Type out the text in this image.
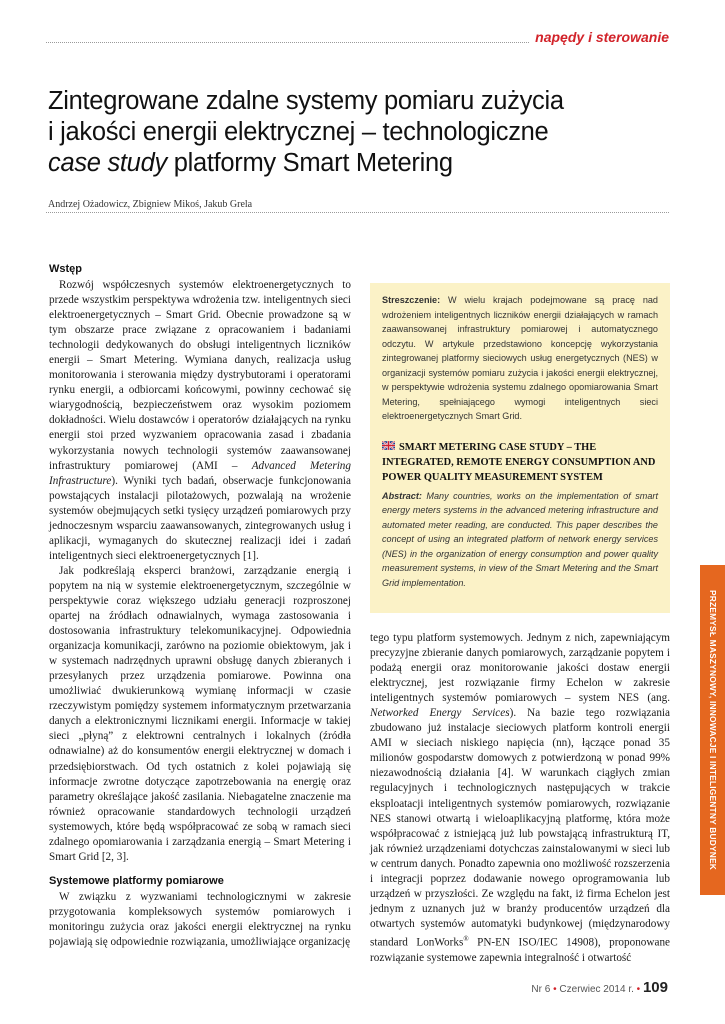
napędy i sterowanie
Zintegrowane zdalne systemy pomiaru zużycia
i jakości energii elektrycznej – technologiczne
case study platformy Smart Metering
Andrzej Ożadowicz, Zbigniew Mikoś, Jakub Grela
Wstęp

Rozwój współczesnych systemów elektroenergetycznych to przede wszystkim perspektywa wdrożenia tzw. inteligentnych sieci elektroenergetycznych – Smart Grid. Obecnie prowadzone są w tym obszarze prace związane z opracowaniem i badaniami technologii dedykowanych do obsługi inteligentnych liczników energii – Smart Metering. Wymiana danych, realizacja usług monitorowania i sterowania między dystrybutorami i operatorami rynku energii, a odbiorcami końcowymi, powinny cechować się wiarygodnością, bezpieczeństwem oraz wysokim poziomem dokładności. Wielu dostawców i operatorów działających na rynku energii stoi przed wyzwaniem opracowania zasad i zbadania wykorzystania nowych technologii systemów zaawansowanej infrastruktury pomiarowej (AMI – Advanced Metering Infrastructure). Wyniki tych badań, obserwacje funkcjonowania powstających instalacji pilotażowych, pozwalają na wrożenie systemów obejmujących setki tysięcy urządzeń pomiarowych przy jednoczesnym wsparciu zaawansowanych, zintegrowanych usług i aplikacji, wymaganych do skutecznej realizacji idei i zadań inteligentnych sieci elektroenergetycznych [1].

Jak podkreślają eksperci branżowi, zarządzanie energią i popytem na nią w systemie elektroenergetycznym, szczególnie w perspektywie coraz większego udziału generacji rozproszonej opartej na źródłach odnawialnych, wymaga zastosowania i dostosowania infrastruktury telekomunikacyjnej. Odpowiednia organizacja komunikacji, zarówno na poziomie obiektowym, jak i w systemach nadrzędnych uprawni obsługę danych zbieranych i przesyłanych przez urządzenia pomiarowe. Powinna ona umożliwiać dwukierunkową wymianę informacji w czasie rzeczywistym pomiędzy systemem informatycznym przetwarzania danych a elektronicznymi licznikami energii. Informacje w takiej sieci „płyną” z elektrowni centralnych i lokalnych (źródła odnawialne) aż do konsumentów energii elektrycznej w domach i przedsiębiorstwach. Od tych ostatnich z kolei pojawiają się informacje zwrotne dotyczące zapotrzebowania na energię oraz parametry określające jakość zasilania. Niebagatelne znaczenie ma również opracowanie standardowych technologii urządzeń systemowych, które będą współpracować ze sobą w ramach sieci zdalnego opomiarowania i zarządzania energią – Smart Metering i Smart Grid [2, 3].

Systemowe platformy pomiarowe

W związku z wyzwaniami technologicznymi w zakresie przygotowania kompleksowych systemów pomiarowych i monitoringu zużycia oraz jakości energii elektrycznej na rynku pojawiają się odpowiednie rozwiązania, umożliwiające organizację

Streszczenie: W wielu krajach podejmowane są pracę nad wdrożeniem inteligentnych liczników energii działających w ramach zaawansowanej infrastruktury pomiarowej i automatycznego odczytu. W artykule przedstawiono koncepcję wykorzystania zintegrowanej platformy sieciowych usług energetycznych (NES) w organizacji systemów pomiaru zużycia i jakości energii elektrycznej, w perspektywie wdrożenia systemu zdalnego opomiarowania Smart Metering, spełniającego wymogi inteligentnych sieci elektroenergetycznych Smart Grid.

SMART METERING CASE STUDY – THE INTEGRATED, REMOTE ENERGY CONSUMPTION AND POWER QUALITY MEASUREMENT SYSTEM

Abstract: Many countries, works on the implementation of smart energy meters systems in the advanced metering infrastructure and automated meter reading, are conducted. This paper describes the concept of using an integrated platform of network energy services (NES) in the organization of energy consumption and power quality measurement systems, in view of the Smart Metering and the Smart Grid implementation.

tego typu platform systemowych. Jednym z nich, zapewniającym precyzyjne zbieranie danych pomiarowych, zarządzanie popytem i podażą energii oraz monitorowanie jakości dostaw energii elektrycznej, jest rozwiązanie firmy Echelon w zakresie inteligentnych systemów pomiarowych – system NES (ang. Networked Energy Services). Na bazie tego rozwiązania zbudowano już instalacje sieciowych platform kontroli energii AMI w sieciach niskiego napięcia (nn), łączące ponad 35 milionów gospodarstw domowych z potwierdzoną w ponad 99% niezawodnością działania [4]. W warunkach ciągłych zmian regulacyjnych i technologicznych następujących w trakcie eksploatacji inteligentnych systemów pomiarowych, rozwiązanie NES stanowi otwartą i wieloaplikacyjną platformę, która może współpracować z istniejącą już lub powstającą infrastrukturą IT, jak również urządzeniami dotychczas zainstalowanymi w sieci lub w centrum danych. Ponadto zapewnia ono możliwość rozszerzenia i integracji poprzez dodawanie nowego oprogramowania lub urządzeń w przyszłości. Ze względu na fakt, iż firma Echelon jest jednym z uznanych już w branży producentów urządzeń dla otwartych systemów automatyki budynkowej (międzynarodowy standard LonWorks® PN-EN ISO/IEC 14908), proponowane rozwiązanie systemowe zapewnia integralność i otwartość

PRZEMYSŁ MASZYNOWY, INNOWACJE I INTELIGENTNY BUDYNEK
Nr 6 • Czerwiec 2014 r. • 109
